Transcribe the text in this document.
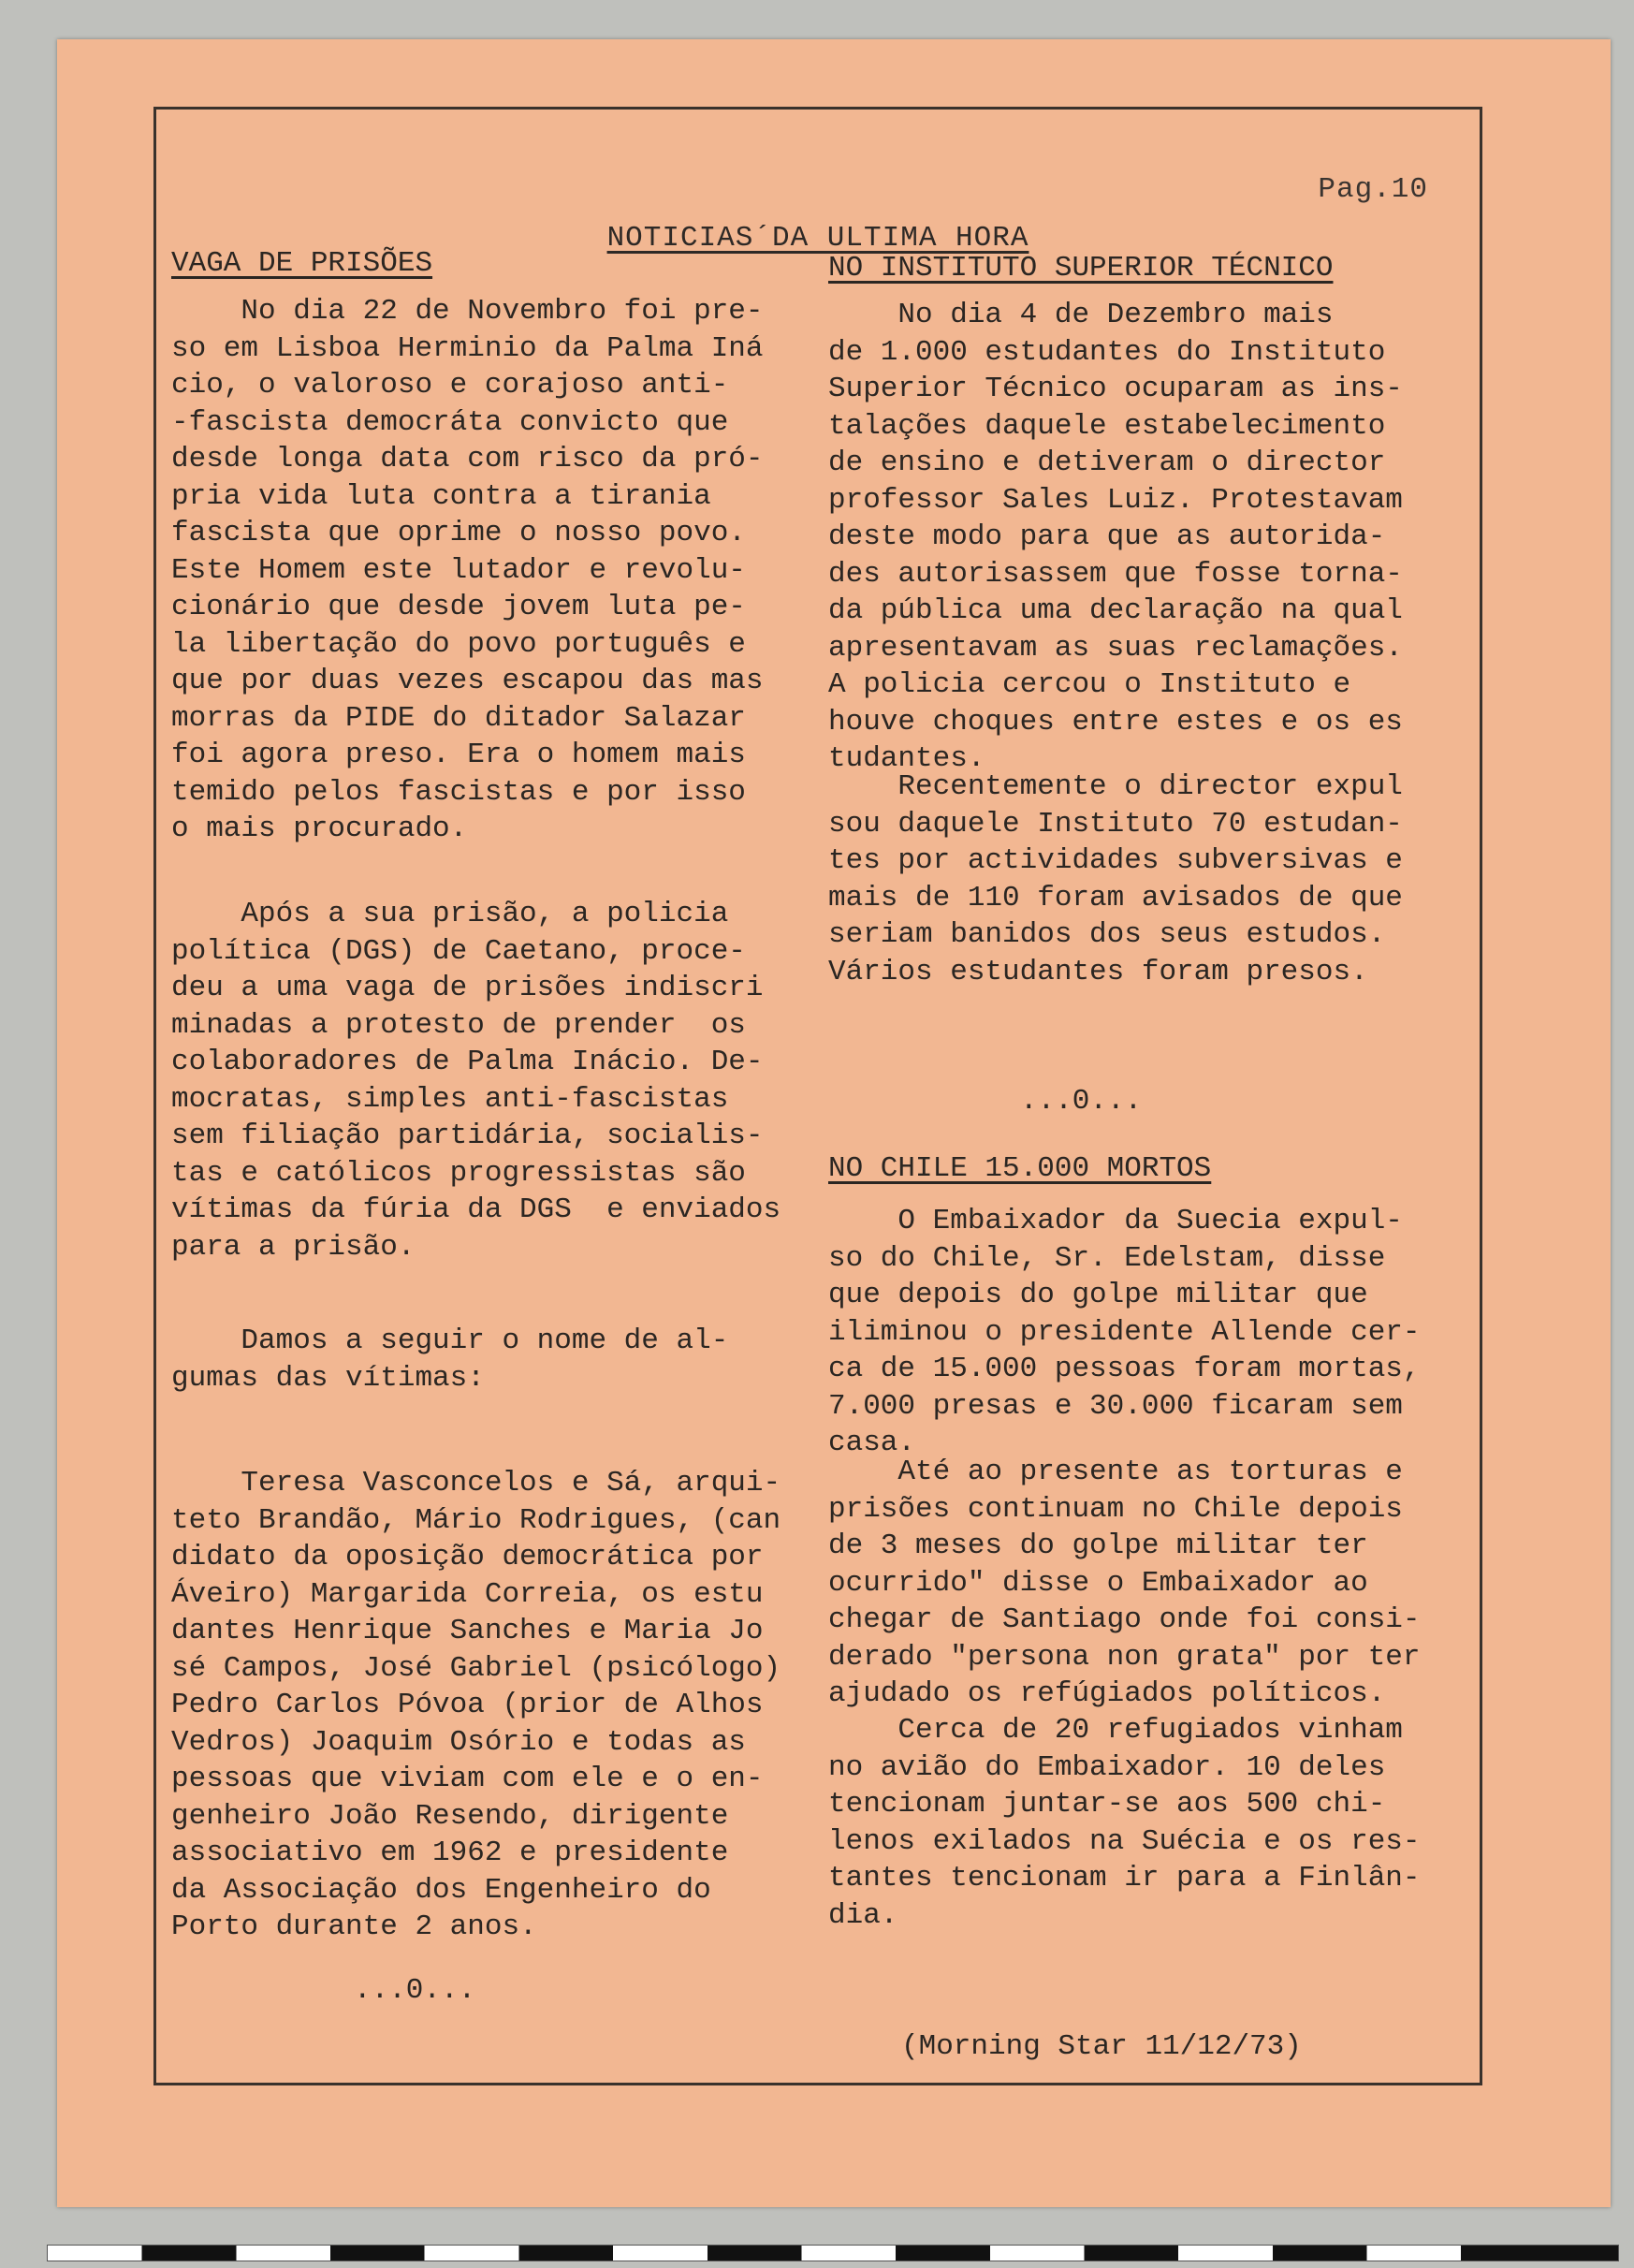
Pag.10
NOTICIAS´DA ULTIMA HORA
VAGA DE PRISÕES

No dia 22 de Novembro foi pre-
so em Lisboa Herminio da Palma Iná
cio, o valoroso e corajoso anti-
-fascista democráta convicto que
desde longa data com risco da pró-
pria vida luta contra a tirania
fascista que oprime o nosso povo.
Este Homem este lutador e revolu-
cionário que desde jovem luta pe-
la libertação do povo português e
que por duas vezes escapou das mas
morras da PIDE do ditador Salazar
foi agora preso. Era o homem mais
temido pelos fascistas e por isso
o mais procurado.

Após a sua prisão, a policia
política (DGS) de Caetano, proce-
deu a uma vaga de prisões indiscri
minadas a protesto de prender  os
colaboradores de Palma Inácio. De-
mocratas, simples anti-fascistas
sem filiação partidária, socialis-
tas e católicos progressistas são
vítimas da fúria da DGS  e enviados
para a prisão.

Damos a seguir o nome de al-
gumas das vítimas:

Teresa Vasconcelos e Sá, arqui-
teto Brandão, Mário Rodrigues, (can
didato da oposição democrática por
Áveiro) Margarida Correia, os estu
dantes Henrique Sanches e Maria Jo
sé Campos, José Gabriel (psicólogo)
Pedro Carlos Póvoa (prior de Alhos
Vedros) Joaquim Osório e todas as
pessoas que viviam com ele e o en-
genheiro João Resendo, dirigente
associativo em 1962 e presidente
da Associação dos Engenheiro do
Porto durante 2 anos.

...0...
NO INSTITUTO SUPERIOR TÉCNICO

No dia 4 de Dezembro mais
de 1.000 estudantes do Instituto
Superior Técnico ocuparam as ins-
talações daquele estabelecimento
de ensino e detiveram o director
professor Sales Luiz. Protestavam
deste modo para que as autorida-
des autorisassem que fosse torna-
da pública uma declaração na qual
apresentavam as suas reclamações.
A policia cercou o Instituto e
houve choques entre estes e os es
tudantes.

Recentemente o director expul
sou daquele Instituto 70 estudan-
tes por actividades subversivas e
mais de 110 foram avisados de que
seriam banidos dos seus estudos.
Vários estudantes foram presos.

...0...
NO CHILE 15.000 MORTOS

O Embaixador da Suecia expul-
so do Chile, Sr. Edelstam, disse
que depois do golpe militar que
iliminou o presidente Allende cer-
ca de 15.000 pessoas foram mortas,
7.000 presas e 30.000 ficaram sem
casa.

Até ao presente as torturas e
prisões continuam no Chile depois
de 3 meses do golpe militar ter
ocurrido" disse o Embaixador ao
chegar de Santiago onde foi consi-
derado "persona non grata" por ter
ajudado os refúgiados políticos.

Cerca de 20 refugiados vinham
no avião do Embaixador. 10 deles
tencionam juntar-se aos 500 chi-
lenos exilados na Suécia e os res-
tantes tencionam ir para a Finlân-
dia.

(Morning Star 11/12/73)
